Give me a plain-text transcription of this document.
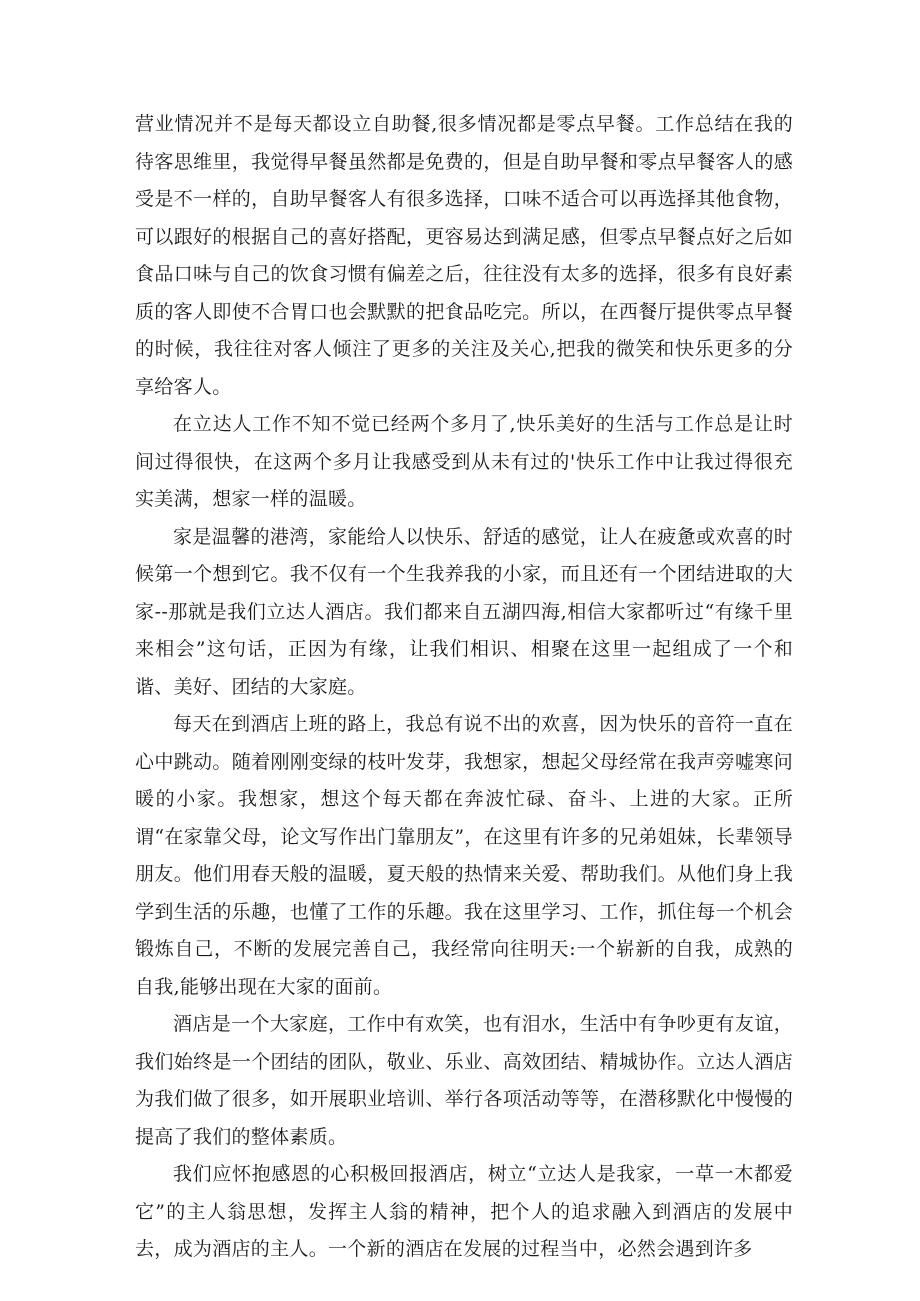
营业情况并不是每天都设立自助餐,很多情况都是零点早餐。工作总结在我的待客思维里，我觉得早餐虽然都是免费的，但是自助早餐和零点早餐客人的感受是不一样的，自助早餐客人有很多选择，口味不适合可以再选择其他食物，可以跟好的根据自己的喜好搭配，更容易达到满足感，但零点早餐点好之后如食品口味与自己的饮食习惯有偏差之后，往往没有太多的选择，很多有良好素质的客人即使不合胃口也会默默的把食品吃完。所以，在西餐厅提供零点早餐的时候，我往往对客人倾注了更多的关注及关心,把我的微笑和快乐更多的分享给客人。

在立达人工作不知不觉已经两个多月了,快乐美好的生活与工作总是让时间过得很快，在这两个多月让我感受到从未有过的'快乐工作中让我过得很充实美满，想家一样的温暖。

家是温馨的港湾，家能给人以快乐、舒适的感觉，让人在疲惫或欢喜的时候第一个想到它。我不仅有一个生我养我的小家，而且还有一个团结进取的大家--那就是我们立达人酒店。我们都来自五湖四海,相信大家都听过“有缘千里来相会”这句话，正因为有缘，让我们相识、相聚在这里一起组成了一个和谐、美好、团结的大家庭。

每天在到酒店上班的路上，我总有说不出的欢喜，因为快乐的音符一直在心中跳动。随着刚刚变绿的枝叶发芽，我想家，想起父母经常在我声旁嘘寒问暖的小家。我想家，想这个每天都在奔波忙碌、奋斗、上进的大家。正所谓“在家靠父母，论文写作出门靠朋友”，在这里有许多的兄弟姐妹，长辈领导朋友。他们用春天般的温暖，夏天般的热情来关爱、帮助我们。从他们身上我学到生活的乐趣，也懂了工作的乐趣。我在这里学习、工作，抓住每一个机会锻炼自己，不断的发展完善自己，我经常向往明天:一个崭新的自我，成熟的自我,能够出现在大家的面前。

酒店是一个大家庭，工作中有欢笑，也有泪水，生活中有争吵更有友谊，我们始终是一个团结的团队，敬业、乐业、高效团结、精城协作。立达人酒店为我们做了很多，如开展职业培训、举行各项活动等等，在潜移默化中慢慢的提高了我们的整体素质。

我们应怀抱感恩的心积极回报酒店，树立“立达人是我家，一草一木都爱它”的主人翁思想，发挥主人翁的精神，把个人的追求融入到酒店的发展中去，成为酒店的主人。一个新的酒店在发展的过程当中，必然会遇到许多
